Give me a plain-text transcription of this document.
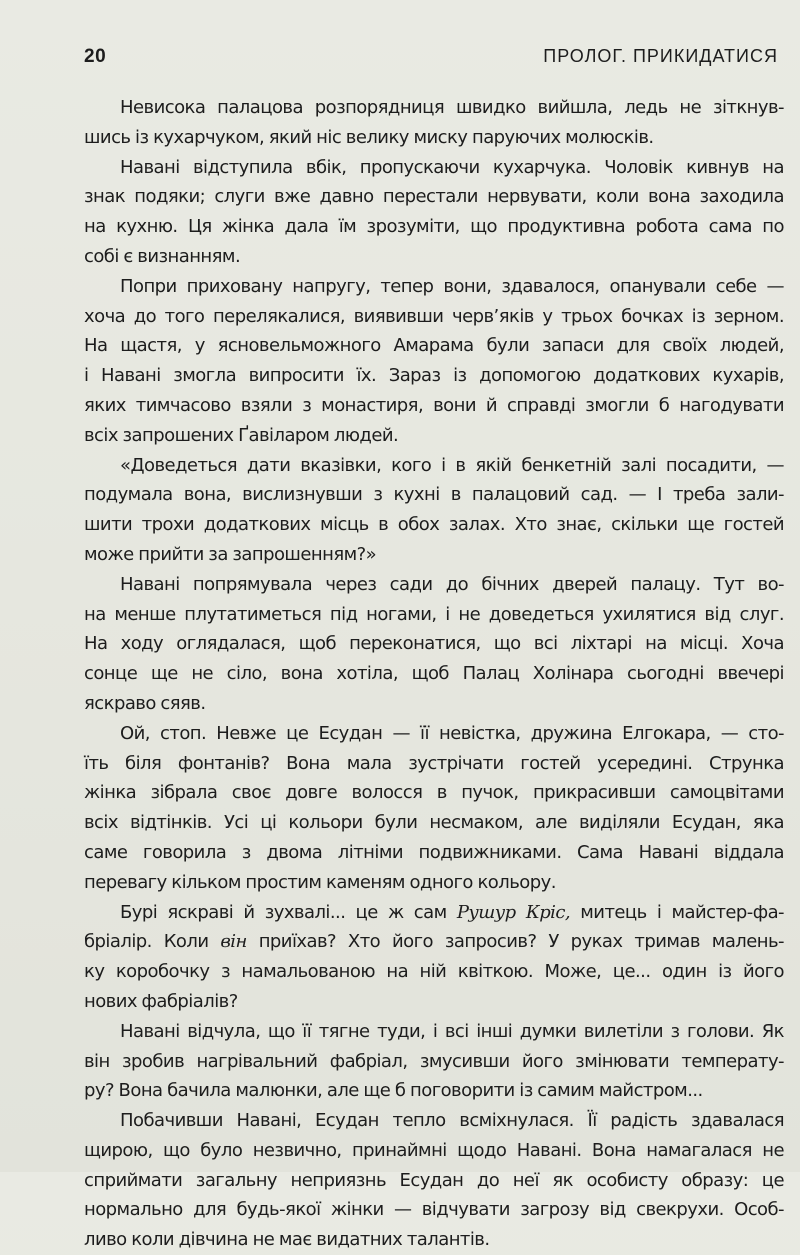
20	ПРОЛОГ. ПРИКИДАТИСЯ

Невисока палацова розпорядниця швидко вийшла, ледь не зіткнув-
шись із кухарчуком, який ніс велику миску паруючих молюсків.

Навані відступила вбік, пропускаючи кухарчука. Чоловік кивнув на
знак подяки; слуги вже давно перестали нервувати, коли вона заходила
на кухню. Ця жінка дала їм зрозуміти, що продуктивна робота сама по
собі є визнанням.

Попри приховану напругу, тепер вони, здавалося, опанували себе —
хоча до того перелякалися, виявивши черв’яків у трьох бочках із зерном.
На щастя, у ясновельможного Амарама були запаси для своїх людей,
і Навані змогла випросити їх. Зараз із допомогою додаткових кухарів,
яких тимчасово взяли з монастиря, вони й справді змогли б нагодувати
всіх запрошених Ґавіларом людей.

«Доведеться дати вказівки, кого і в якій бенкетній залі посадити, —
подумала вона, вислизнувши з кухні в палацовий сад. — І треба зали-
шити трохи додаткових місць в обох залах. Хто знає, скільки ще гостей
може прийти за запрошенням?»

Навані попрямувала через сади до бічних дверей палацу. Тут во-
на менше плутатиметься під ногами, і не доведеться ухилятися від слуг.
На ходу оглядалася, щоб переконатися, що всі ліхтарі на місці. Хоча
сонце ще не сіло, вона хотіла, щоб Палац Холінара сьогодні ввечері
яскраво сяяв.

Ой, стоп. Невже це Есудан — її невістка, дружина Елгокара, — сто-
їть біля фонтанів? Вона мала зустрічати гостей усередині. Струнка
жінка зібрала своє довге волосся в пучок, прикрасивши самоцвітами
всіх відтінків. Усі ці кольори були несмаком, але виділяли Есудан, яка
саме говорила з двома літніми подвижниками. Сама Навані віддала
перевагу кільком простим каменям одного кольору.

Бурі яскраві й зухвалі... це ж сам Рушур Кріс, митець і майстер-фа-
бріалір. Коли він приїхав? Хто його запросив? У руках тримав малень-
ку коробочку з намальованою на ній квіткою. Може, це... один із його
нових фабріалів?

Навані відчула, що її тягне туди, і всі інші думки вилетіли з голови. Як
він зробив нагрівальний фабріал, змусивши його змінювати температу-
ру? Вона бачила малюнки, але ще б поговорити із самим майстром...

Побачивши Навані, Есудан тепло всміхнулася. Її радість здавалася
щирою, що було незвично, принаймні щодо Навані. Вона намагалася не
сприймати загальну неприязнь Есудан до неї як особисту образу: це
нормально для будь-якої жінки — відчувати загрозу від свекрухи. Особ-
ливо коли дівчина не має видатних талантів.
